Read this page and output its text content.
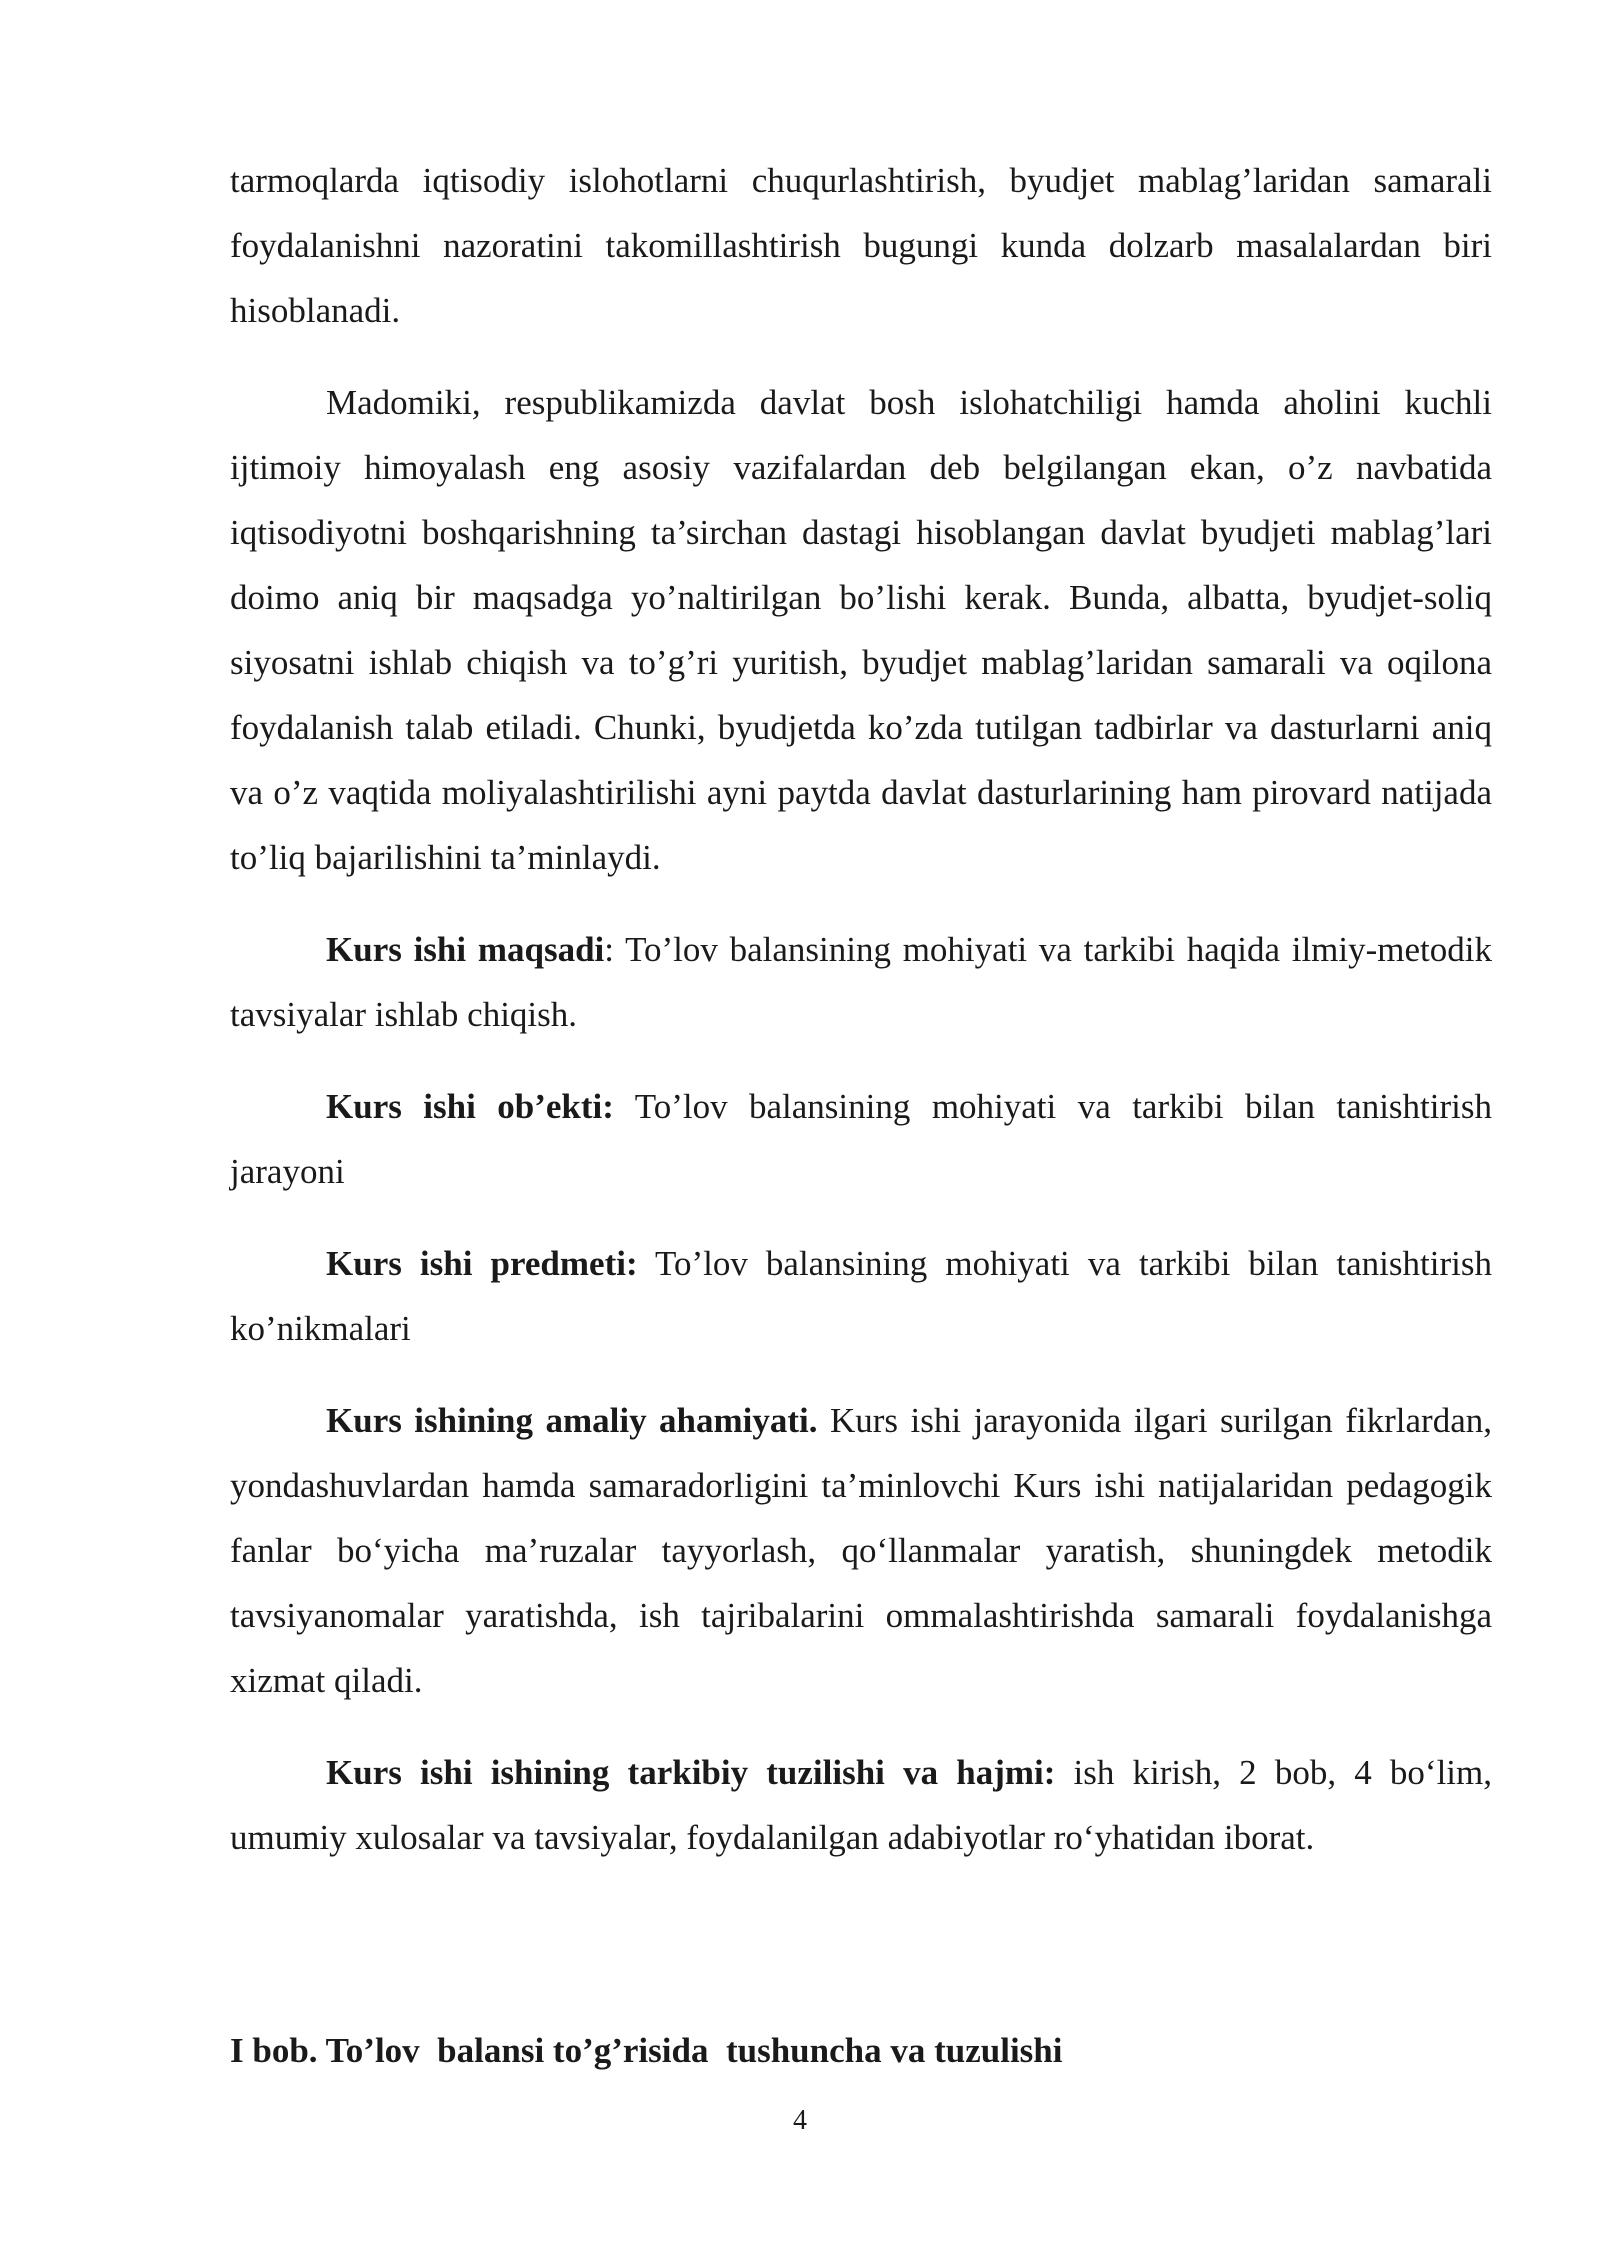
tarmoqlarda iqtisodiy islohotlarni chuqurlashtirish, byudjet mablag’laridan samarali foydalanishni nazoratini takomillashtirish bugungi kunda dolzarb masalalardan biri hisoblanadi.

Madomiki, respublikamizda davlat bosh islohatchiligi hamda aholini kuchli ijtimoiy himoyalash eng asosiy vazifalardan deb belgilangan ekan, o’z navbatida iqtisodiyotni boshqarishning ta’sirchan dastagi hisoblangan davlat byudjeti mablag’lari doimo aniq bir maqsadga yo’naltirilgan bo’lishi kerak. Bunda, albatta, byudjet-soliq siyosatni ishlab chiqish va to’g’ri yuritish, byudjet mablag’laridan samarali va oqilona foydalanish talab etiladi. Chunki, byudjetda ko’zda tutilgan tadbirlar va dasturlarni aniq va o’z vaqtida moliyalashtirilishi ayni paytda davlat dasturlarining ham pirovard natijada to’liq bajarilishini ta’minlaydi.

Kurs ishi maqsadi: To’lov balansining mohiyati va tarkibi haqida ilmiy-metodik tavsiyalar ishlab chiqish.

Kurs ishi ob’ekti: To’lov balansining mohiyati va tarkibi bilan tanishtirish jarayoni

Kurs ishi predmeti: To’lov balansining mohiyati va tarkibi bilan tanishtirish ko’nikmalari

Kurs ishining amaliy ahamiyati. Kurs ishi jarayonida ilgari surilgan fikrlardan, yondashuvlardan hamda samaradorligini ta’minlovchi Kurs ishi natijalaridan pedagogik fanlar bo‘yicha ma’ruzalar tayyorlash, qo‘llanmalar yaratish, shuningdek metodik tavsiyanomalar yaratishda, ish tajribalarini ommalashtirishda samarali foydalanishga xizmat qiladi.

Kurs ishi ishining tarkibiy tuzilishi va hajmi: ish kirish, 2 bob, 4 bo‘lim, umumiy xulosalar va tavsiyalar, foydalanilgan adabiyotlar ro‘yhatidan iborat.

I bob. To’lov  balansi to’g’risida  tushuncha va tuzulishi
4
